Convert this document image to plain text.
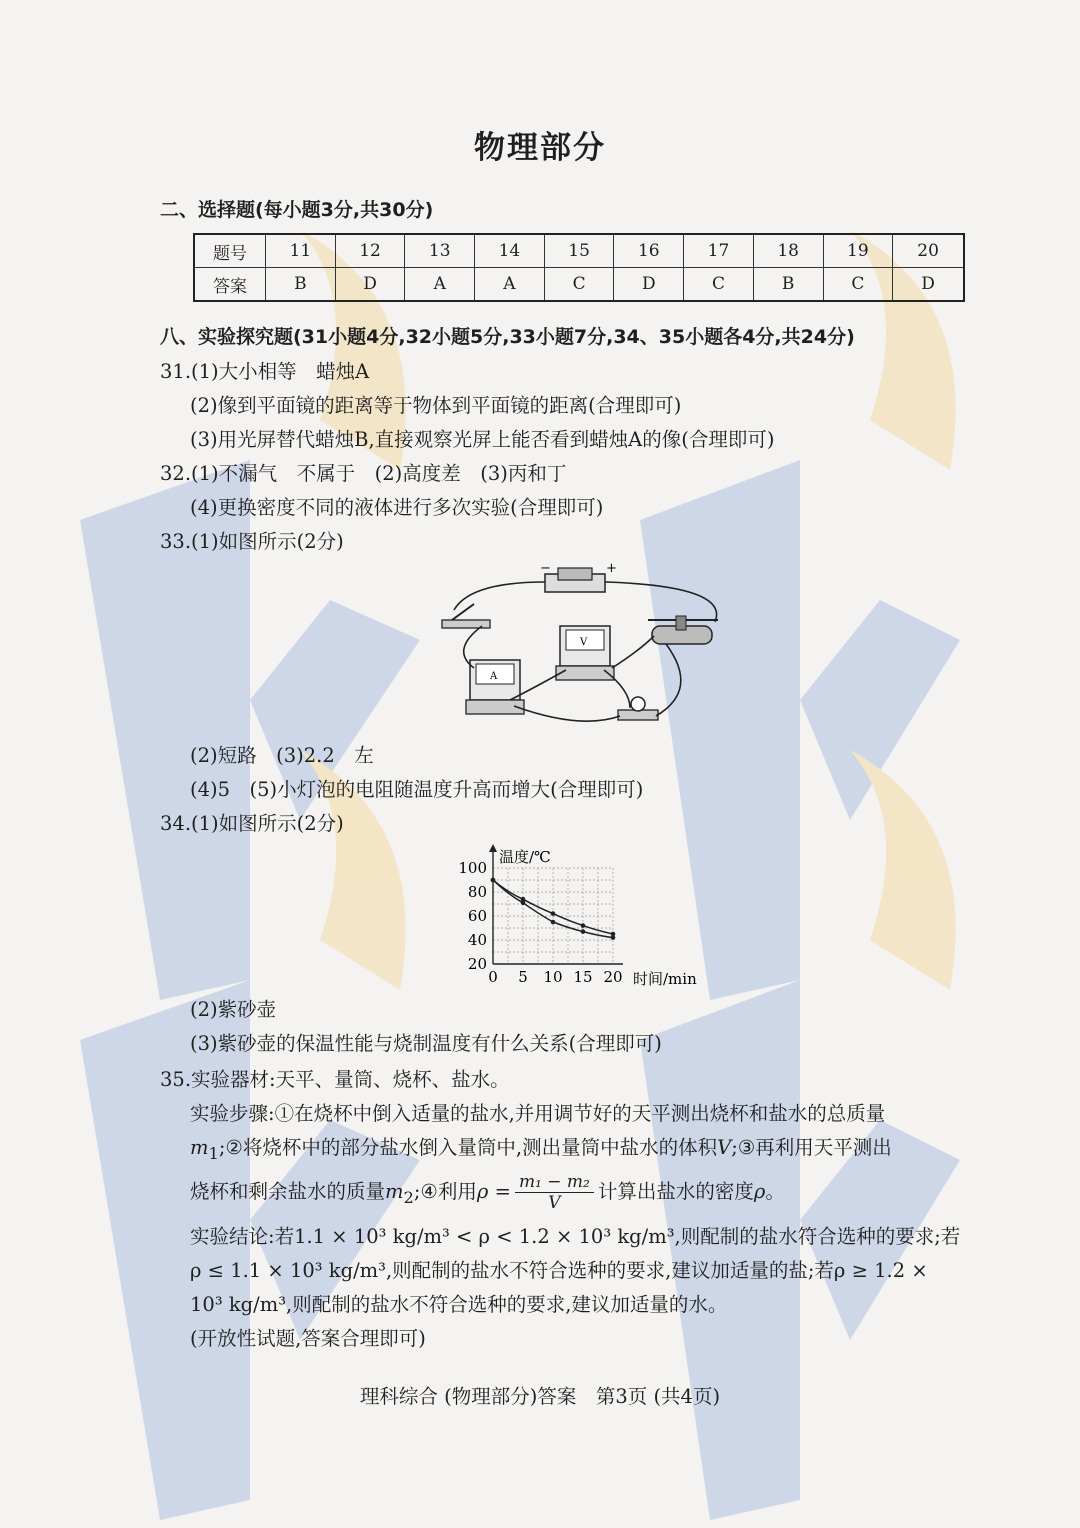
物理部分
二、选择题(每小题3分,共30分)
题号	11	12	13	14	15	16	17	18	19	20
答案	B	D	A	A	C	D	C	B	C	D
八、实验探究题(31小题4分,32小题5分,33小题7分,34、35小题各4分,共24分)
31.(1)大小相等　蜡烛A
(2)像到平面镜的距离等于物体到平面镜的距离(合理即可)
(3)用光屏替代蜡烛B,直接观察光屏上能否看到蜡烛A的像(合理即可)
32.(1)不漏气　不属于　(2)高度差　(3)丙和丁
(4)更换密度不同的液体进行多次实验(合理即可)
33.(1)如图所示(2分)
−	+
A
V
(2)短路　(3)2.2　左
(4)5　(5)小灯泡的电阻随温度升高而增大(合理即可)
34.(1)如图所示(2分)
0 5 10 15 20
20
40
60
80
100
温度/℃
时间/min
(2)紫砂壶
(3)紫砂壶的保温性能与烧制温度有什么关系(合理即可)
35.实验器材:天平、量筒、烧杯、盐水。
实验步骤:①在烧杯中倒入适量的盐水,并用调节好的天平测出烧杯和盐水的总质量
$m_1;②$将烧杯中的部分盐水倒入量筒中,测出量筒中盐水的体积V;③再利用天平测出
烧杯和剩余盐水的质量$m_2;④$利用$\rho = \frac{\text{m₁ − m₂}}{V}$ 计算出盐水的密度ρ。
实验结论:若1.1 × 10³ kg/m³ < ρ < 1.2 × 10³ kg/m³,则配制的盐水符合选种的要求;若
ρ ≤ 1.1 × 10³ kg/m³,则配制的盐水不符合选种的要求,建议加适量的盐;若ρ ≥ 1.2 ×
10³ kg/m³,则配制的盐水不符合选种的要求,建议加适量的水。
(开放性试题,答案合理即可)
理科综合 (物理部分)答案　第3页 (共4页)
